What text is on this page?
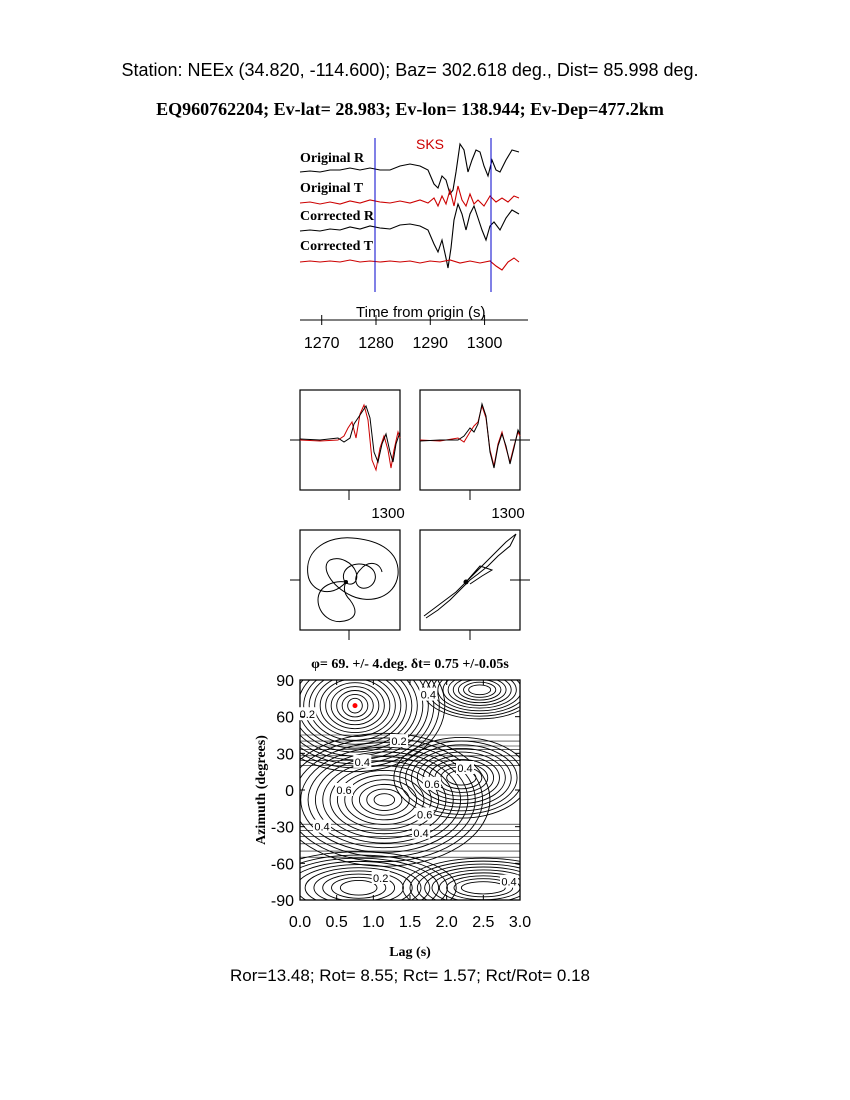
Station: NEEx (34.820, -114.600); Baz= 302.618 deg., Dist= 85.998 deg.
EQ960762204; Ev-lat= 28.983; Ev-lon= 138.944; Ev-Dep=477.2km
SKS
Original R
Original T
Corrected R
Corrected T
Time from origin (s)
1270 1280 1290 1300
1300	1300
φ= 69. +/- 4.deg. δt= 0.75 +/-0.05s
0.4
0.2
0.2
0.4
0.4
0.6
0.6
0.6
0.4
0.4
0.2	0.4
0.0 0.5 1.0 1.5 2.0 2.5 3.0
90
60
30
0
-30
-60
-90
Lag (s)
Azimuth (degrees)
Ror=13.48; Rot= 8.55; Rct= 1.57; Rct/Rot= 0.18
